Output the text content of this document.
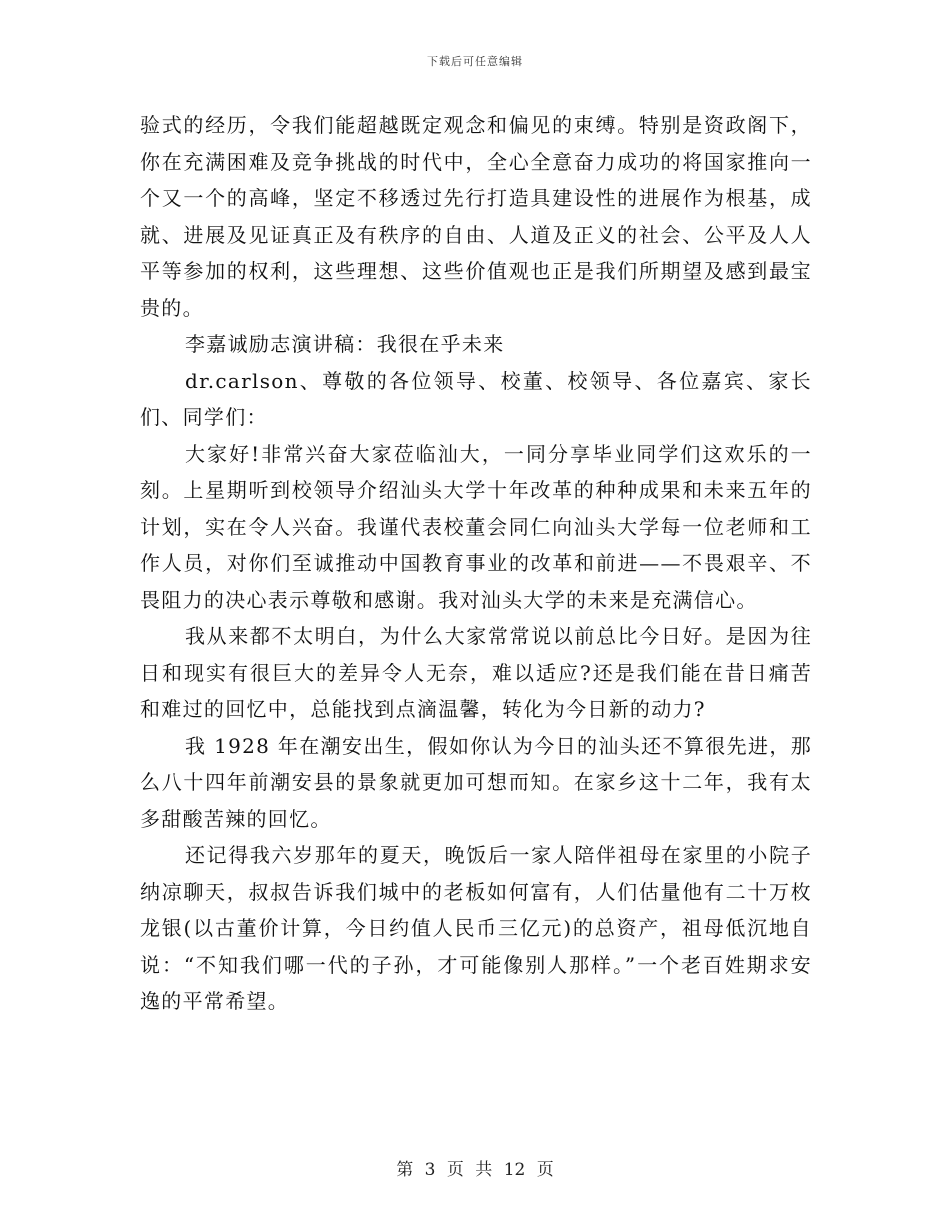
下载后可任意编辑

验式的经历，令我们能超越既定观念和偏见的束缚。特别是资政阁下，你在充满困难及竞争挑战的时代中，全心全意奋力成功的将国家推向一个又一个的高峰，坚定不移透过先行打造具建设性的进展作为根基，成就、进展及见证真正及有秩序的自由、人道及正义的社会、公平及人人平等参加的权利，这些理想、这些价值观也正是我们所期望及感到最宝贵的。

李嘉诚励志演讲稿：我很在乎未来

dr.carlson、尊敬的各位领导、校董、校领导、各位嘉宾、家长们、同学们：

大家好!非常兴奋大家莅临汕大，一同分享毕业同学们这欢乐的一刻。上星期听到校领导介绍汕头大学十年改革的种种成果和未来五年的计划，实在令人兴奋。我谨代表校董会同仁向汕头大学每一位老师和工作人员，对你们至诚推动中国教育事业的改革和前进——不畏艰辛、不畏阻力的决心表示尊敬和感谢。我对汕头大学的未来是充满信心。

我从来都不太明白，为什么大家常常说以前总比今日好。是因为往日和现实有很巨大的差异令人无奈，难以适应?还是我们能在昔日痛苦和难过的回忆中，总能找到点滴温馨，转化为今日新的动力?

我 1928 年在潮安出生，假如你认为今日的汕头还不算很先进，那么八十四年前潮安县的景象就更加可想而知。在家乡这十二年，我有太多甜酸苦辣的回忆。

还记得我六岁那年的夏天，晚饭后一家人陪伴祖母在家里的小院子纳凉聊天，叔叔告诉我们城中的老板如何富有，人们估量他有二十万枚龙银(以古董价计算，今日约值人民币三亿元)的总资产，祖母低沉地自说：“不知我们哪一代的子孙，才可能像别人那样。”一个老百姓期求安逸的平常希望。

第 3 页 共 12 页
